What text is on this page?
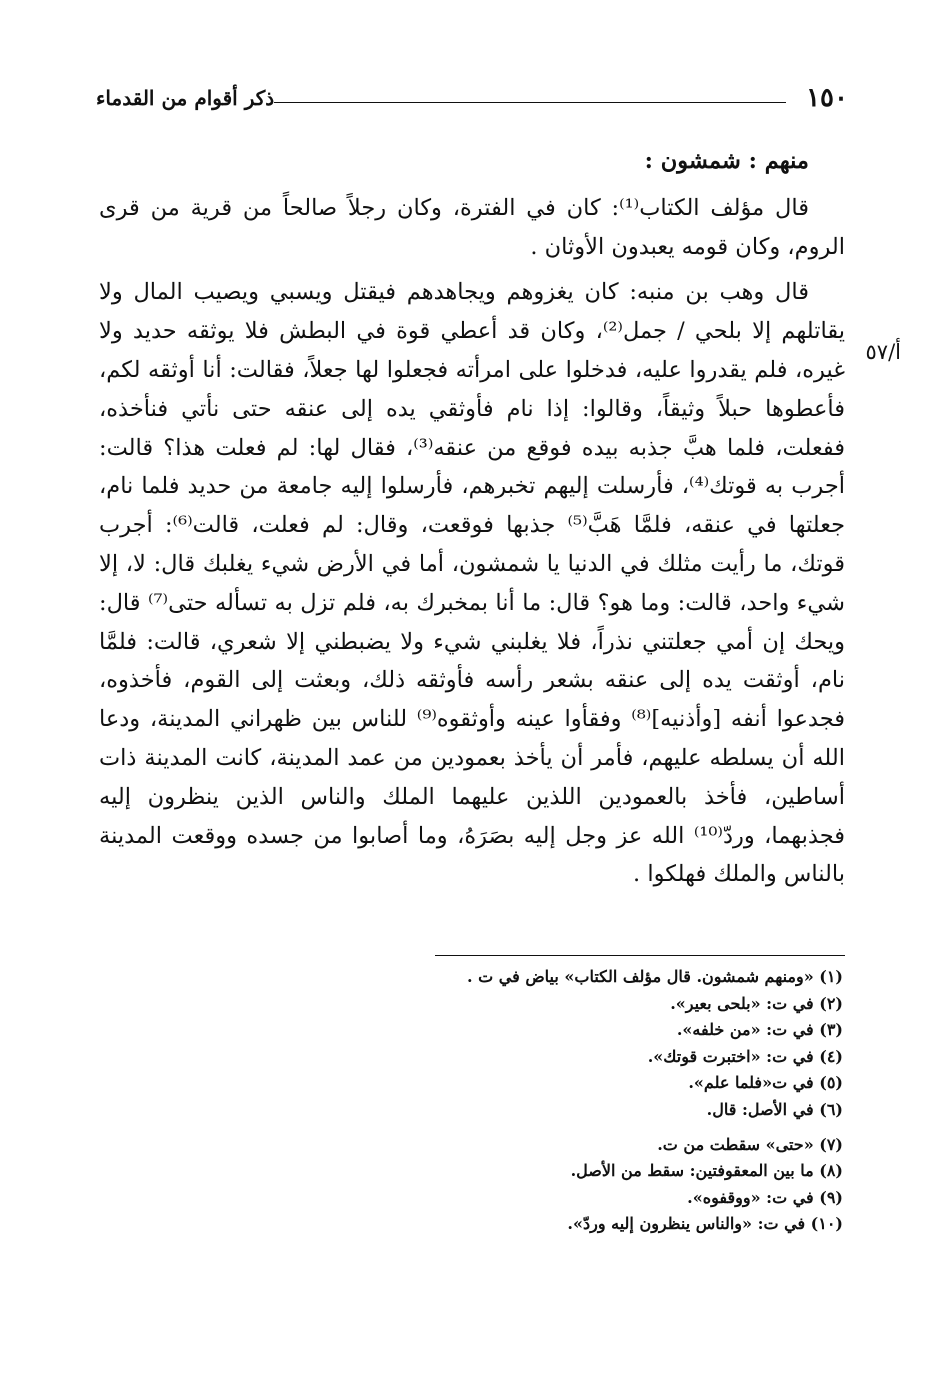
١٥٠
ذكر أقوام من القدماء
أ/٥٧

منهم : شمشون :

قال مؤلف الكتاب⁽¹⁾: كان في الفترة، وكان رجلاً صالحاً من قرية من قرى الروم، وكان قومه يعبدون الأوثان .

قال وهب بن منبه: كان يغزوهم ويجاهدهم فيقتل ويسبي ويصيب المال ولا يقاتلهم إلا بلحي / جمل⁽²⁾، وكان قد أعطي قوة في البطش فلا يوثقه حديد ولا غيره، فلم يقدروا عليه، فدخلوا على امرأته فجعلوا لها جعلاً، فقالت: أنا أوثقه لكم، فأعطوها حبلاً وثيقاً، وقالوا: إذا نام فأوثقي يده إلى عنقه حتى نأتي فنأخذه، ففعلت، فلما هبَّ جذبه بيده فوقع من عنقه⁽³⁾، فقال لها: لم فعلت هذا؟ قالت: أجرب به قوتك⁽⁴⁾، فأرسلت إليهم تخبرهم، فأرسلوا إليه جامعة من حديد فلما نام، جعلتها في عنقه، فلمَّا هَبَّ⁽⁵⁾ جذبها فوقعت، وقال: لم فعلت، قالت⁽⁶⁾: أجرب قوتك، ما رأيت مثلك في الدنيا يا شمشون، أما في الأرض شيء يغلبك قال: لا، إلا شيء واحد، قالت: وما هو؟ قال: ما أنا بمخبرك به، فلم تزل به تسأله حتى⁽⁷⁾ قال: ويحك إن أمي جعلتني نذراً، فلا يغلبني شيء ولا يضبطني إلا شعري، قالت: فلمَّا نام، أوثقت يده إلى عنقه بشعر رأسه فأوثقه ذلك، وبعثت إلى القوم، فأخذوه، فجدعوا أنفه [وأذنيه]⁽⁸⁾ وفقأوا عينه وأوثقوه⁽⁹⁾ للناس بين ظهراني المدينة، ودعا الله أن يسلطه عليهم، فأمر أن يأخذ بعمودين من عمد المدينة، كانت المدينة ذات أساطين، فأخذ بالعمودين اللذين عليهما الملك والناس الذين ينظرون إليه فجذبهما، وردّ⁽¹⁰⁾ الله عز وجل إليه بصَرَهُ، وما أصابوا من جسده ووقعت المدينة بالناس والملك فهلكوا .

(١) «ومنهم شمشون. قال مؤلف الكتاب» بياض في ت .

(٢) في ت: «بلحى بعير».

(٣) في ت: «من خلفه».

(٤) في ت: «اختبرت قوتك».

(٥) في ت«فلما علم».

(٦) في الأصل: قال.

(٧) «حتى» سقطت من ت.

(٨) ما بين المعقوفتين: سقط من الأصل.

(٩) في ت: «ووقفوه».

(١٠) في ت: «والناس ينظرون إليه وردّ».
